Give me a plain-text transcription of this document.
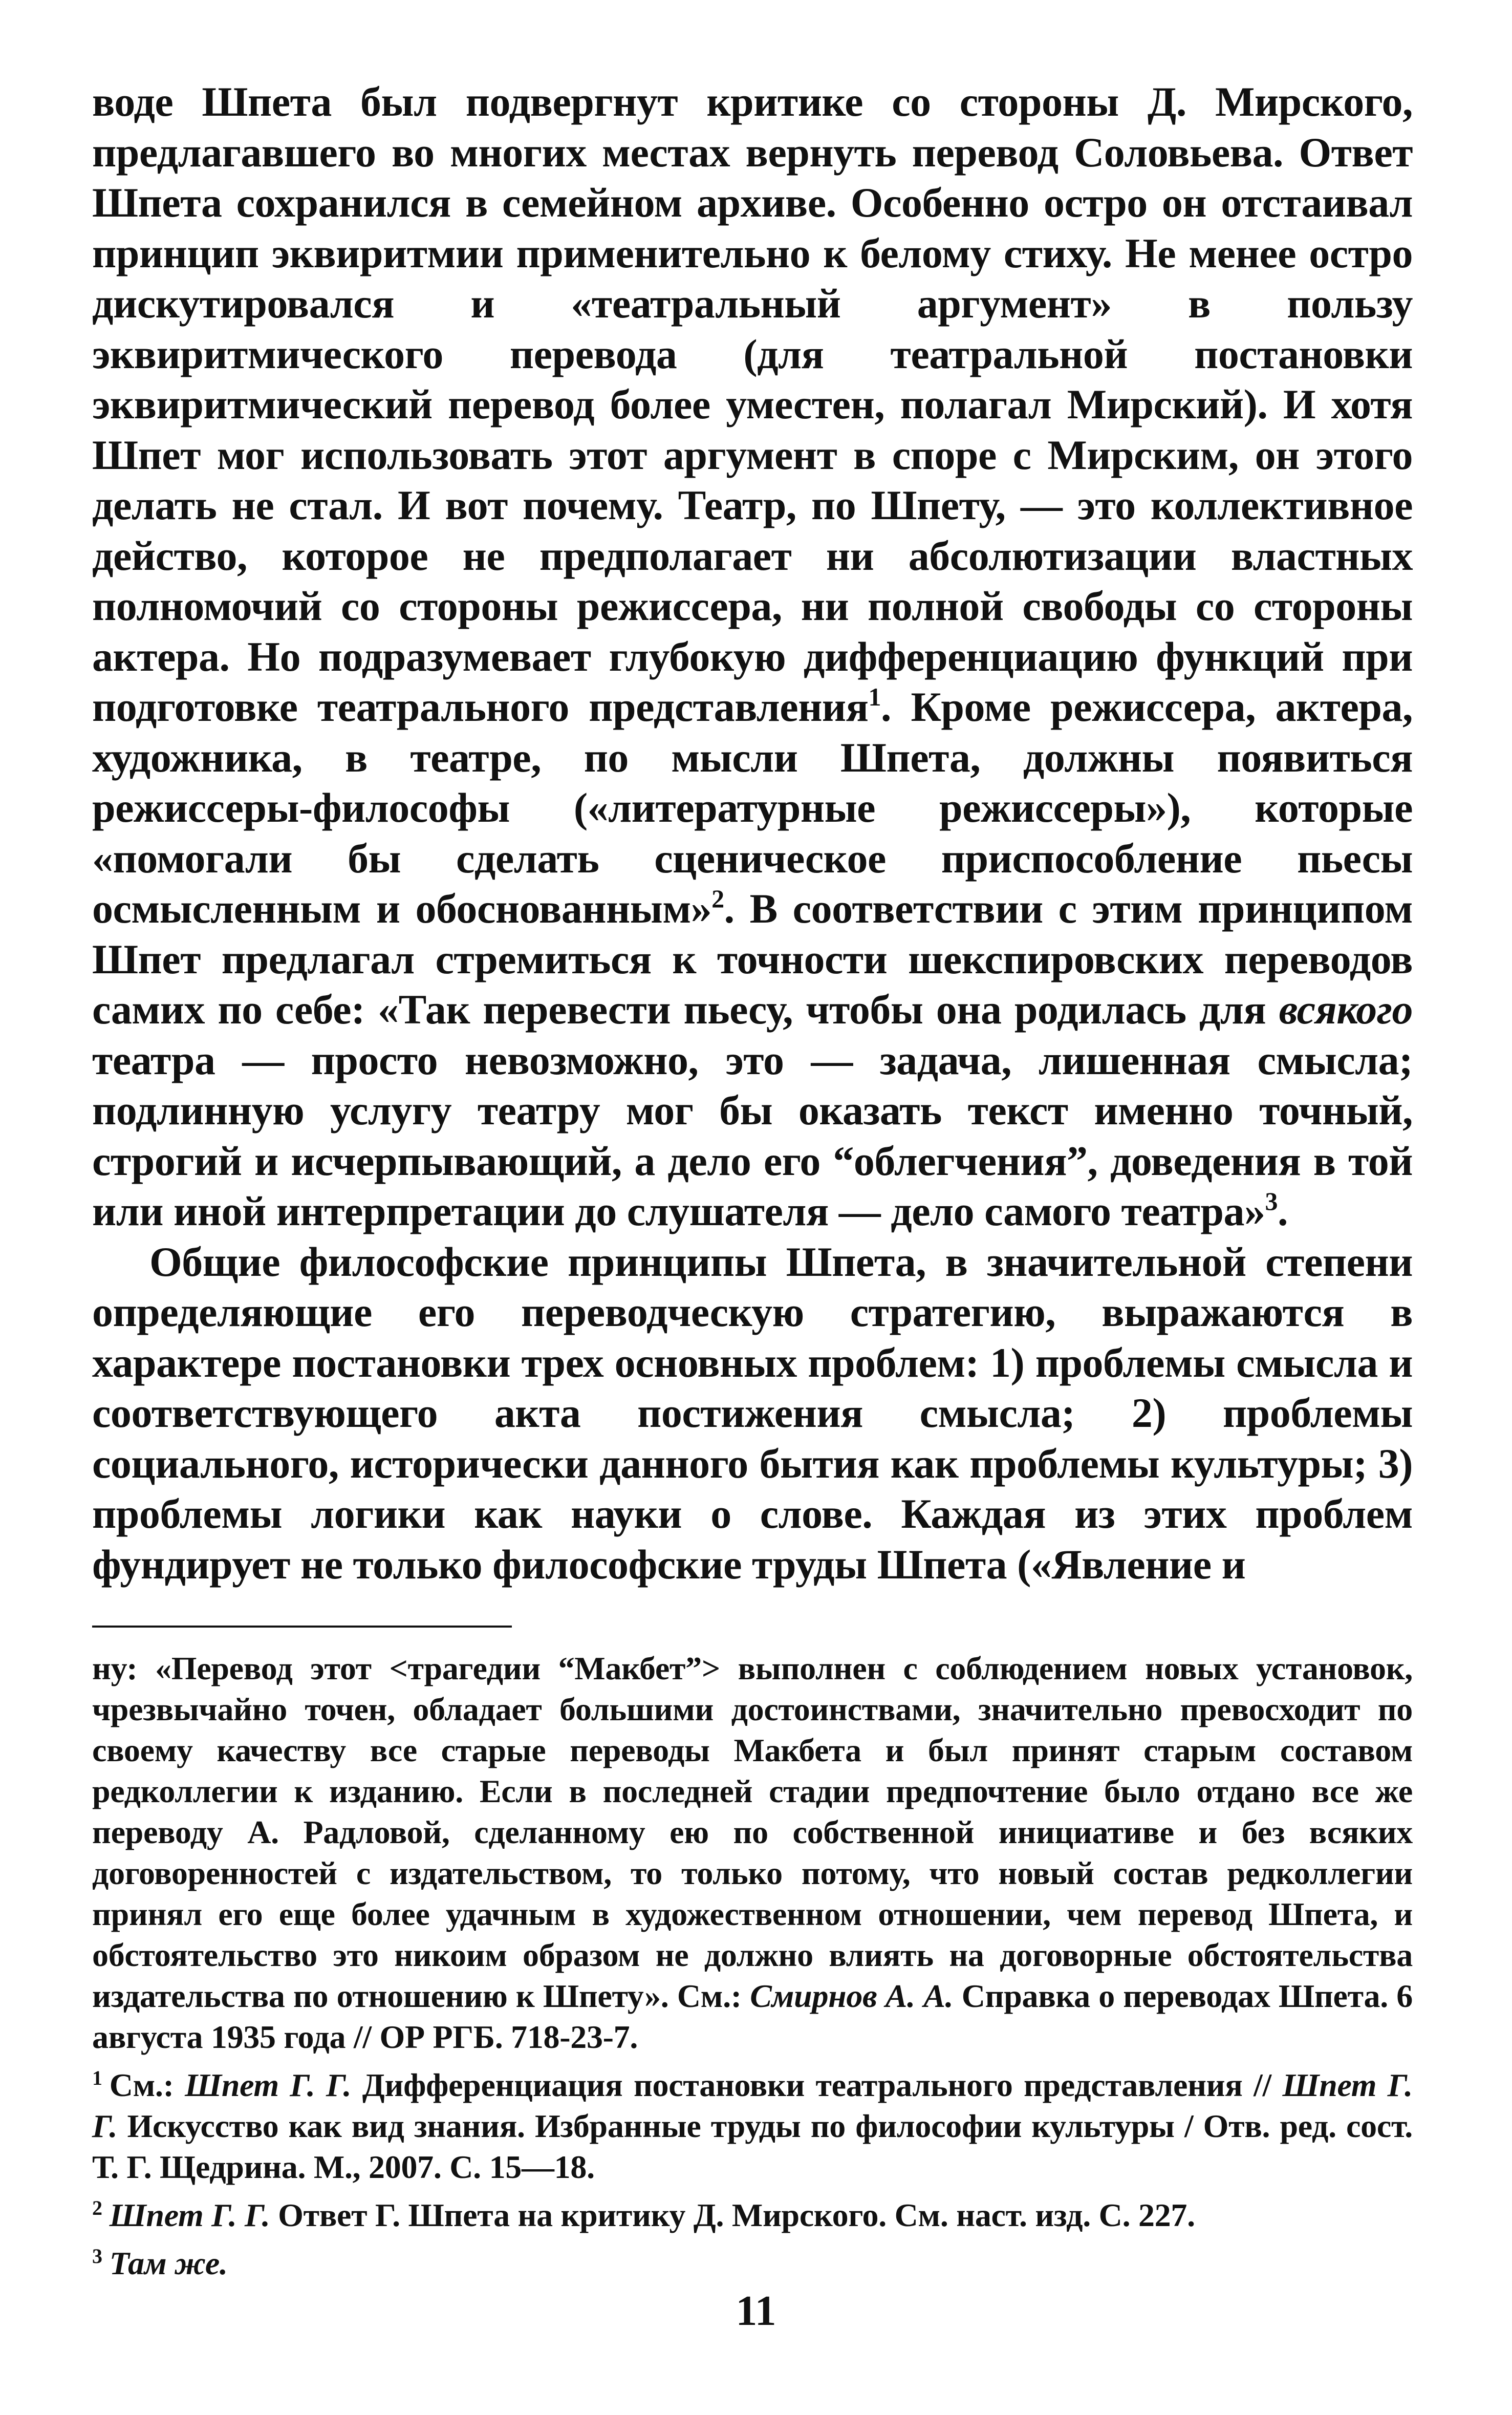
воде Шпета был подвергнут критике со стороны Д. Мирского, предлагавшего во многих местах вернуть перевод Соловьева. Ответ Шпета сохранился в семейном архиве. Особенно остро он отстаивал принцип эквиритмии применительно к белому стиху. Не менее остро дискутировался и «театральный аргумент» в пользу эквиритмического перевода (для театральной постановки эквиритмический перевод более уместен, полагал Мирский). И хотя Шпет мог использовать этот аргумент в споре с Мирским, он этого делать не стал. И вот почему. Театр, по Шпету, — это коллективное действо, которое не предполагает ни абсолютизации властных полномочий со стороны режиссера, ни полной свободы со стороны актера. Но подразумевает глубокую дифференциацию функций при подготовке театрального представления$^1$. Кроме режиссера, актера, художника, в театре, по мысли Шпета, должны появиться режиссеры-философы («литературные режиссеры»), которые «помогали бы сделать сценическое приспособление пьесы осмысленным и обоснованным»$^2$. В соответствии с этим принципом Шпет предлагал стремиться к точности шекспировских переводов самих по себе: «Так перевести пьесу, чтобы она родилась для всякого театра — просто невозможно, это — задача, лишенная смысла; подлинную услугу театру мог бы оказать текст именно точный, строгий и исчерпывающий, а дело его “облегчения”, доведения в той или иной интерпретации до слушателя — дело самого театра»$^3$.

Общие философские принципы Шпета, в значительной степени определяющие его переводческую стратегию, выражаются в характере постановки трех основных проблем: 1) проблемы смысла и соответствующего акта постижения смысла; 2) проблемы социального, исторически данного бытия как проблемы культуры; 3) проблемы логики как науки о слове. Каждая из этих проблем фундирует не только философские труды Шпета («Явление и

ну: «Перевод этот <трагедии “Макбет”> выполнен с соблюдением новых установок, чрезвычайно точен, обладает большими достоинствами, значительно превосходит по своему качеству все старые переводы Макбета и был принят старым составом редколлегии к изданию. Если в последней стадии предпочтение было отдано все же переводу А. Радловой, сделанному ею по собственной инициативе и без всяких договоренностей с издательством, то только потому, что новый состав редколлегии принял его еще более удачным в художественном отношении, чем перевод Шпета, и обстоятельство это никоим образом не должно влиять на договорные обстоятельства издательства по отношению к Шпету». См.: Смирнов А. А. Справка о переводах Шпета. 6 августа 1935 года // ОР РГБ. 718-23-7.

$^1$ См.: Шпет Г. Г. Дифференциация постановки театрального представления // Шпет Г. Г. Искусство как вид знания. Избранные труды по философии культуры / Отв. ред. сост. Т. Г. Щедрина. М., 2007. С. 15—18.

$^2$ Шпет Г. Г. Ответ Г. Шпета на критику Д. Мирского. См. наст. изд. С. 227.

$^3$ Там же.

11
